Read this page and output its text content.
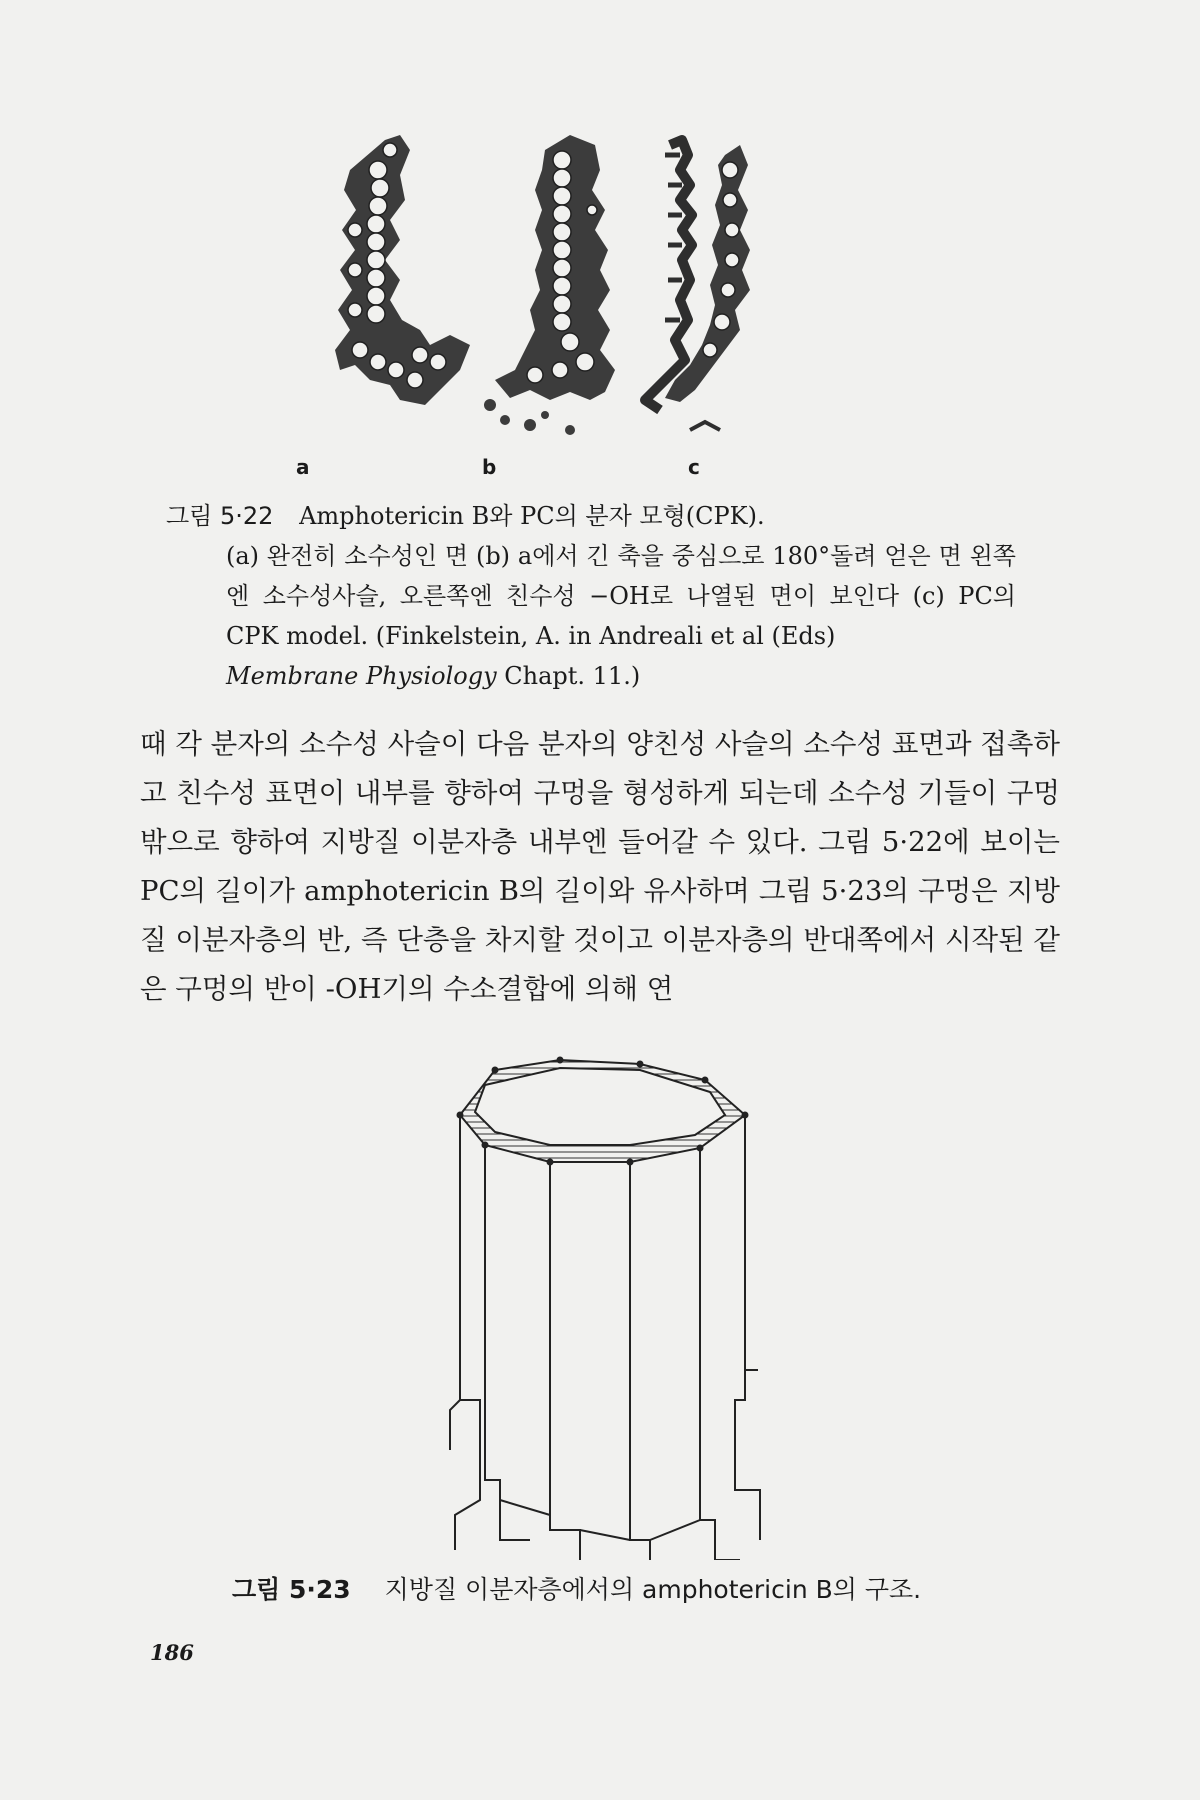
a	b	c
그림 5·22 Amphotericin B와 PC의 분자 모형(CPK).
(a) 완전히 소수성인 면 (b) a에서 긴 축을 중심으로 180°돌려 얻은 면 왼쪽엔 소수성사슬, 오른쪽엔 친수성 −OH로 나열된 면이 보인다 (c) PC의 CPK model. (Finkelstein, A. in Andreali et al (Eds)
Membrane Physiology Chapt. 11.)
때 각 분자의 소수성 사슬이 다음 분자의 양친성 사슬의 소수성 표면과 접촉하고 친수성 표면이 내부를 향하여 구멍을 형성하게 되는데 소수성 기들이 구멍 밖으로 향하여 지방질 이분자층 내부엔 들어갈 수 있다. 그림 5·22에 보이는 PC의 길이가 amphotericin B의 길이와 유사하며 그림 5·23의 구멍은 지방질 이분자층의 반, 즉 단층을 차지할 것이고 이분자층의 반대쪽에서 시작된 같은 구멍의 반이 -OH기의 수소결합에 의해 연
그림 5·23 지방질 이분자층에서의 amphotericin B의 구조.
186
